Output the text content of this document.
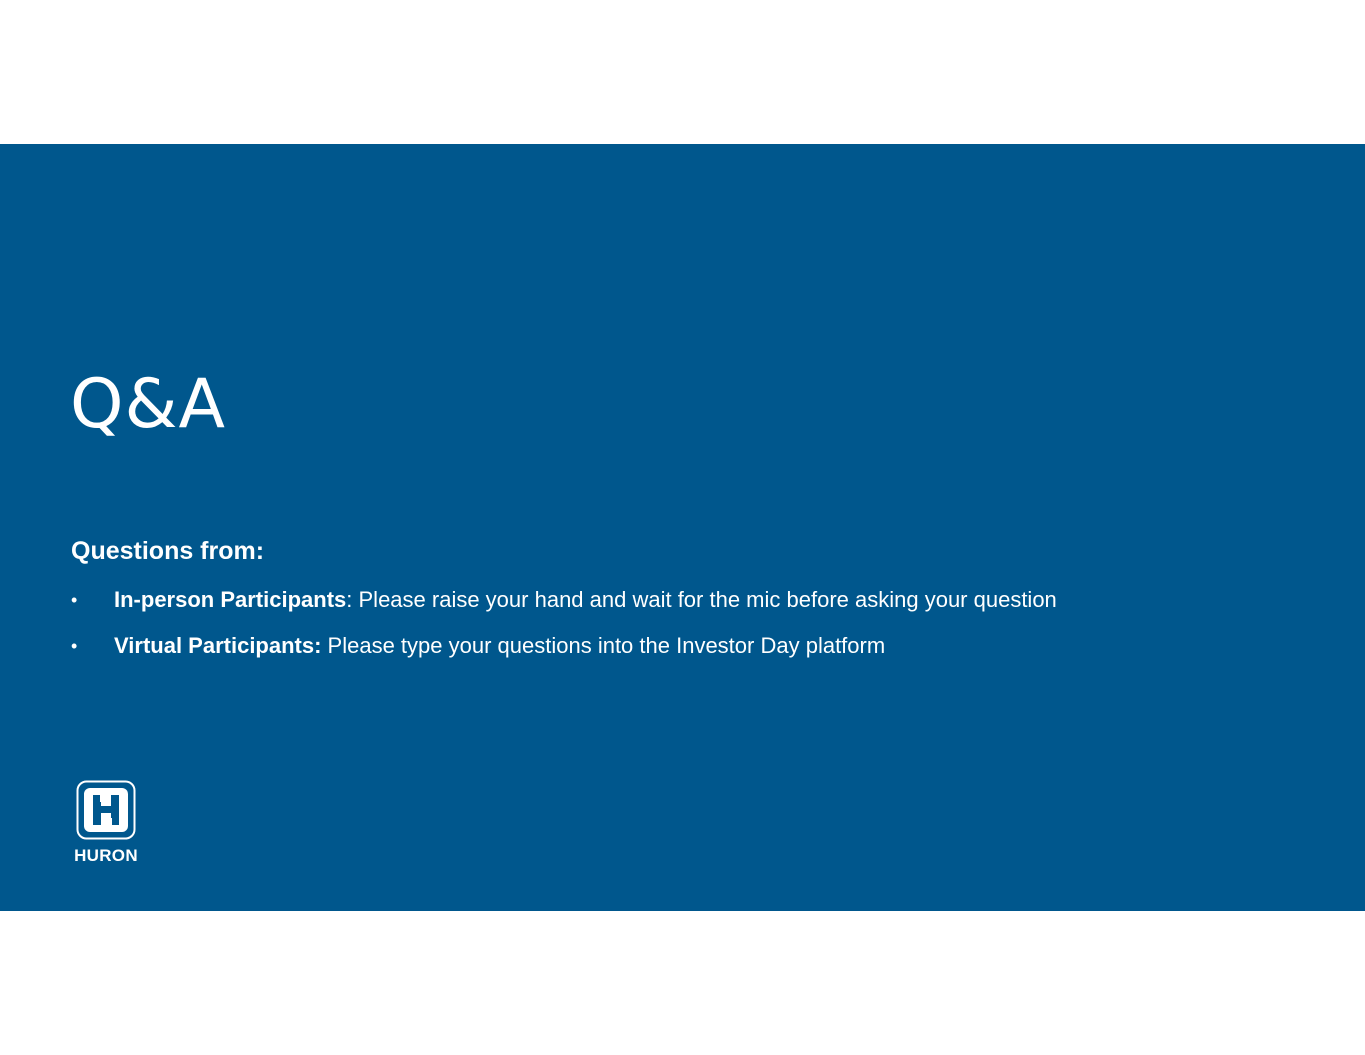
Q&A

Questions from:

• In-person Participants: Please raise your hand and wait for the mic before asking your question
• Virtual Participants: Please type your questions into the Investor Day platform
HURON
